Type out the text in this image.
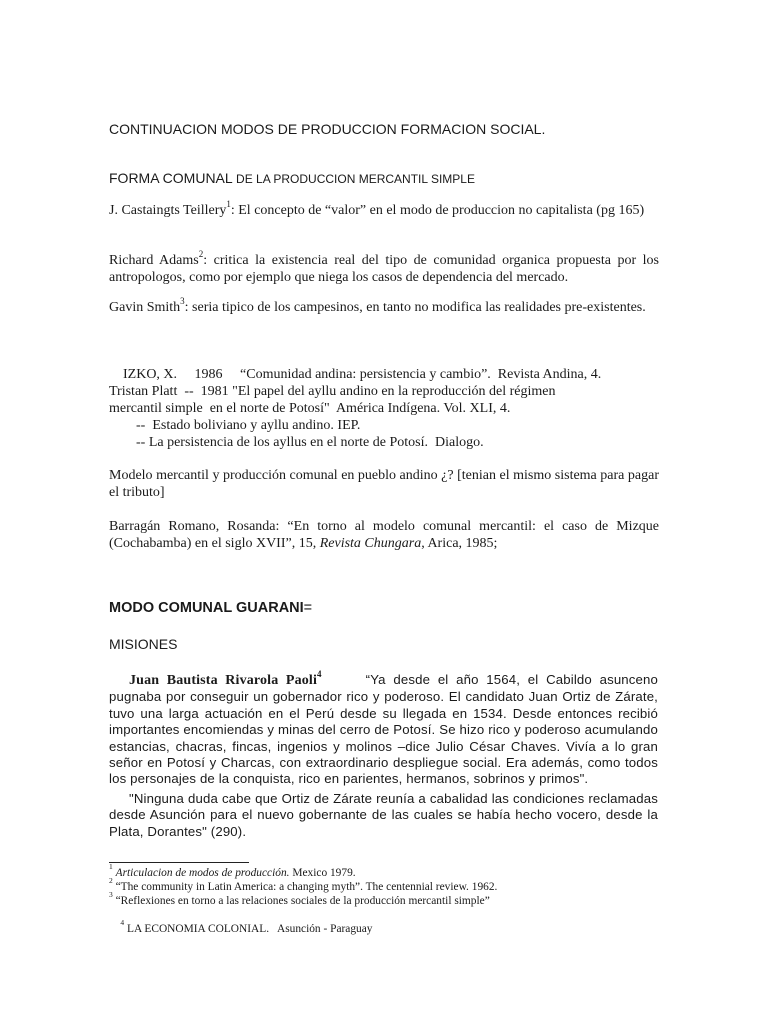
CONTINUACION MODOS DE PRODUCCION FORMACION SOCIAL.
FORMA COMUNAL DE LA PRODUCCION MERCANTIL SIMPLE
J. Castaingts Teillery$^1$: El concepto de “valor” en el modo de produccion no capitalista (pg 165)
Richard Adams$^2$: critica la existencia real del tipo de comunidad organica propuesta por los antropologos, como por ejemplo que niega los casos de dependencia del mercado.
Gavin Smith$^3$: seria tipico de los campesinos, en tanto no modifica las realidades pre-existentes.

IZKO, X.     1986     “Comunidad andina: persistencia y cambio”.  Revista Andina, 4.

Tristan Platt  --  1981 "El papel del ayllu andino en la reproducción del régimen
mercantil simple  en el norte de Potosí"  América Indígena. Vol. XLI, 4.
--  Estado boliviano y ayllu andino. IEP.
-- La persistencia de los ayllus en el norte de Potosí.  Dialogo.
Modelo mercantil y producción comunal en pueblo andino ¿? [tenian el mismo sistema para pagar el tributo]
Barragán Romano, Rosanda: “En torno al modelo comunal mercantil: el caso de Mizque (Cochabamba) en el siglo XVII”, 15, Revista Chungara, Arica, 1985;
MODO COMUNAL GUARANI=
MISIONES
Juan Bautista Rivarola Paoli$^4$	“Ya desde el año 1564, el Cabildo asunceno pugnaba por conseguir un gobernador rico y poderoso. El candidato Juan Ortiz de Zárate, tuvo una larga actuación en el Perú desde su llegada en 1534. Desde entonces recibió importantes encomiendas y minas del cerro de Potosí. Se hizo rico y poderoso acumulando estancias, chacras, fincas, ingenios y molinos –dice Julio César Chaves. Vivía a lo gran señor en Potosí y Charcas, con extraordinario despliegue social. Era además, como todos los personajes de la conquista, rico en parientes, hermanos, sobrinos y primos".
"Ninguna duda cabe que Ortiz de Zárate reunía a cabalidad las condiciones reclamadas desde Asunción para el nuevo gobernante de las cuales se había hecho vocero, desde la Plata, Dorantes" (290).
$^1$ Articulacion de modos de producción. Mexico 1979.
$^2$ “The community in Latin America: a changing myth”. The centennial review. 1962.
$^3$ “Reflexiones en torno a las relaciones sociales de la producción mercantil simple”

$^4$ LA ECONOMIA COLONIAL.   Asunción - Paraguay
